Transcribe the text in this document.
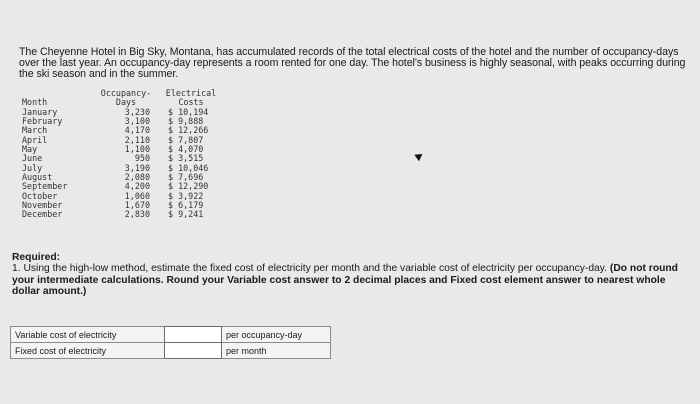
The Cheyenne Hotel in Big Sky, Montana, has accumulated records of the total electrical costs of the hotel and the number of occupancy-days over the last year. An occupancy-day represents a room rented for one day. The hotel's business is highly seasonal, with peaks occurring during the ski season and in the summer.

	Occupancy-	Electrical
Month	Days	Costs
January	3,230	$ 10,194
February	3,100	$ 9,888
March	4,170	$ 12,266
April	2,110	$ 7,807
May	1,100	$ 4,070
June	950	$ 3,515
July	3,190	$ 10,046
August	2,080	$ 7,696
September	4,200	$ 12,290
October	1,060	$ 3,922
November	1,670	$ 6,179
December	2,830	$ 9,241
Required:
1. Using the high-low method, estimate the fixed cost of electricity per month and the variable cost of electricity per occupancy-day. (Do not round your intermediate calculations. Round your Variable cost answer to 2 decimal places and Fixed cost element answer to nearest whole dollar amount.)
Variable cost of electricity		per occupancy-day
Fixed cost of electricity		per month
